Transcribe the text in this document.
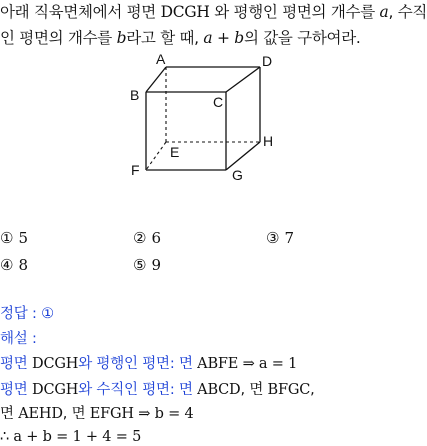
아래 직육면체에서 평면 DCGH 와 평행인 평면의 개수를 a, 수직
인 평면의 개수를 b라고 할 때, a + b의 값을 구하여라.
A	D
B	C
H
E
F	G
① 5	② 6	③ 7
④ 8	⑤ 9
정답 : ①
해설 :
평면 DCGH와 평행인 평면: 면 ABFE ⇒ a = 1
평면 DCGH와 수직인 평면: 면 ABCD, 면 BFGC,
면 AEHD, 면 EFGH ⇒ b = 4
∴ a + b = 1 + 4 = 5
